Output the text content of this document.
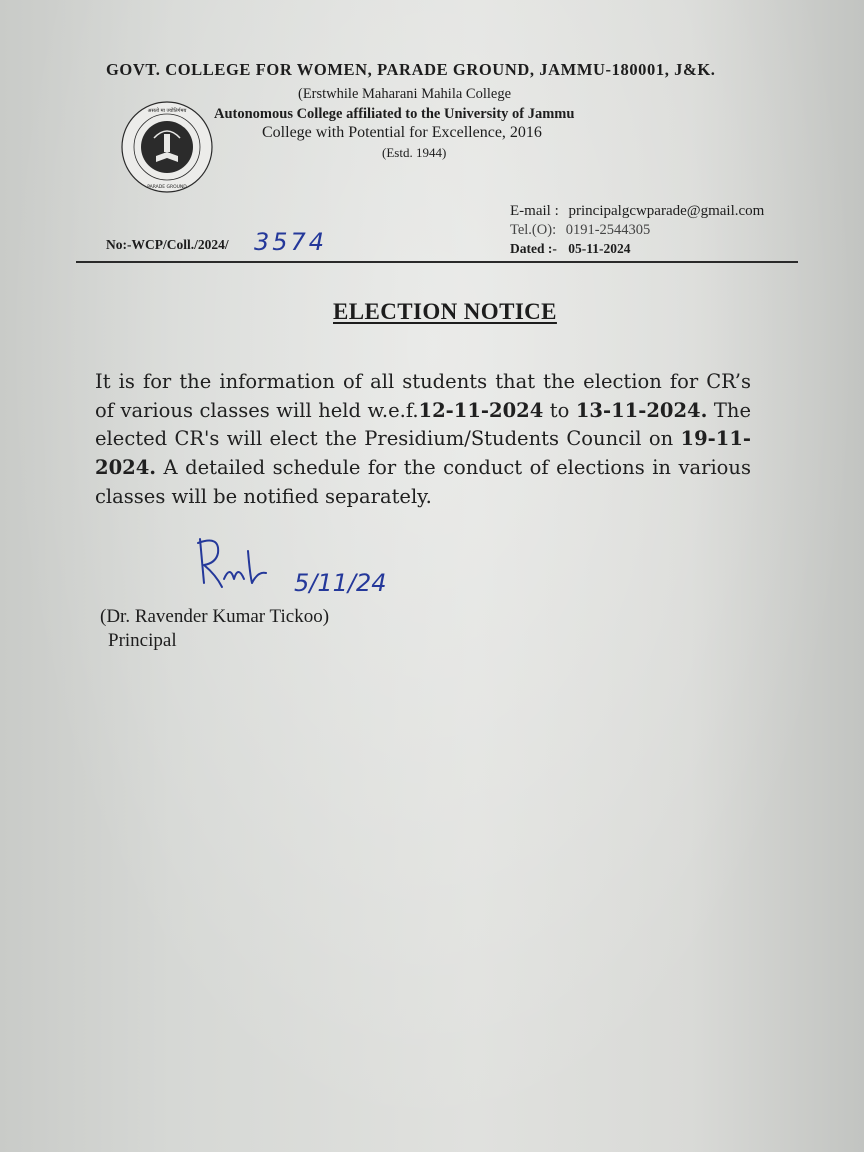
असतो मा ज्योतिर्गमय
PARADE GROUND
GOVT. COLLEGE FOR WOMEN, PARADE GROUND, JAMMU-180001, J&K.
(Erstwhile Maharani Mahila College
Autonomous College affiliated to the University of Jammu
College with Potential for Excellence, 2016
(Estd. 1944)
E-mail : principalgcwparade@gmail.com
Tel.(O): 0191-2544305
Dated :- 05-11-2024
No:-WCP/Coll./2024/ 3574
ELECTION NOTICE
It is for the information of all students that the election for CR’s of various classes will held w.e.f.12-11-2024 to 13-11-2024. The elected CR's will elect the Presidium/Students Council on 19-11-2024. A detailed schedule for the conduct of elections in various classes will be notified separately.
5/11/24
(Dr. Ravender Kumar Tickoo)
Principal
